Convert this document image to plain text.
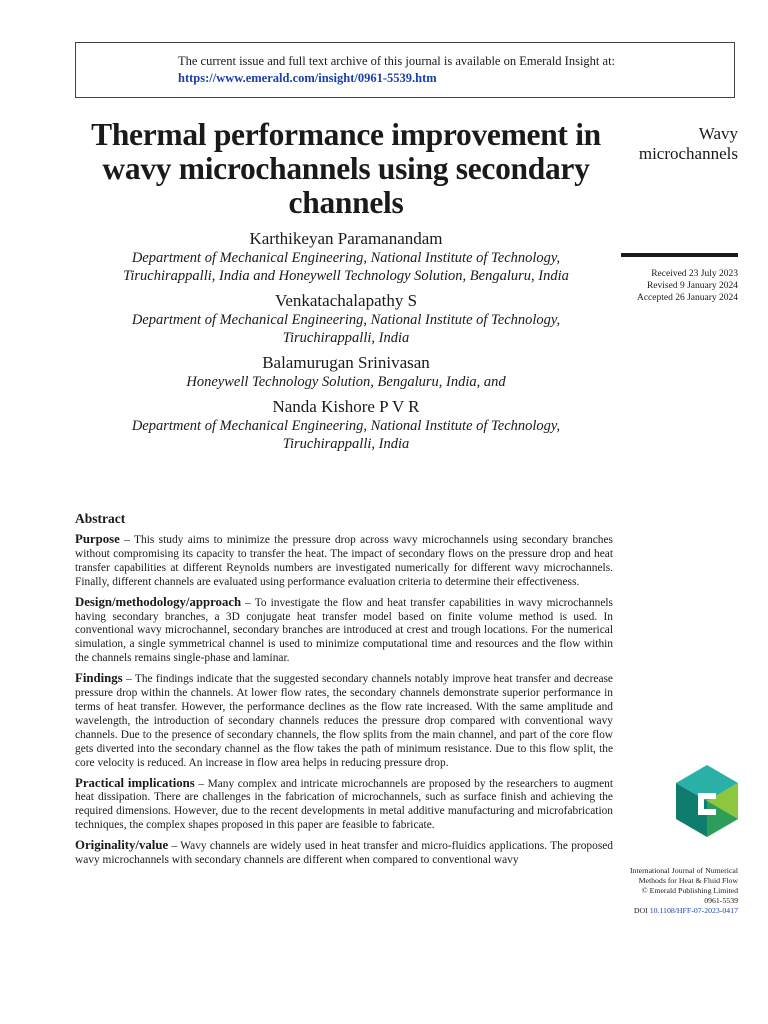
The current issue and full text archive of this journal is available on Emerald Insight at:
https://www.emerald.com/insight/0961-5539.htm
Thermal performance improvement in wavy microchannels using secondary channels
Wavy
microchannels
Received 23 July 2023
Revised 9 January 2024
Accepted 26 January 2024
Karthikeyan Paramanandam
Department of Mechanical Engineering, National Institute of Technology,
Tiruchirappalli, India and Honeywell Technology Solution, Bengaluru, India
Venkatachalapathy S
Department of Mechanical Engineering, National Institute of Technology,
Tiruchirappalli, India
Balamurugan Srinivasan
Honeywell Technology Solution, Bengaluru, India, and
Nanda Kishore P V R
Department of Mechanical Engineering, National Institute of Technology,
Tiruchirappalli, India
Abstract

Purpose – This study aims to minimize the pressure drop across wavy microchannels using secondary branches without compromising its capacity to transfer the heat. The impact of secondary flows on the pressure drop and heat transfer capabilities at different Reynolds numbers are investigated numerically for different wavy microchannels. Finally, different channels are evaluated using performance evaluation criteria to determine their effectiveness.

Design/methodology/approach – To investigate the flow and heat transfer capabilities in wavy microchannels having secondary branches, a 3D conjugate heat transfer model based on finite volume method is used. In conventional wavy microchannel, secondary branches are introduced at crest and trough locations. For the numerical simulation, a single symmetrical channel is used to minimize computational time and resources and the flow within the channels remains single-phase and laminar.

Findings – The findings indicate that the suggested secondary channels notably improve heat transfer and decrease pressure drop within the channels. At lower flow rates, the secondary channels demonstrate superior performance in terms of heat transfer. However, the performance declines as the flow rate increased. With the same amplitude and wavelength, the introduction of secondary channels reduces the pressure drop compared with conventional wavy channels. Due to the presence of secondary channels, the flow splits from the main channel, and part of the core flow gets diverted into the secondary channel as the flow takes the path of minimum resistance. Due to this flow split, the core velocity is reduced. An increase in flow area helps in reducing pressure drop.

Practical implications – Many complex and intricate microchannels are proposed by the researchers to augment heat dissipation. There are challenges in the fabrication of microchannels, such as surface finish and achieving the required dimensions. However, due to the recent developments in metal additive manufacturing and microfabrication techniques, the complex shapes proposed in this paper are feasible to fabricate.

Originality/value – Wavy channels are widely used in heat transfer and micro-fluidics applications. The proposed wavy microchannels with secondary channels are different when compared to conventional wavy

International Journal of Numerical
Methods for Heat & Fluid Flow
© Emerald Publishing Limited
0961-5539
DOI 10.1108/HFF-07-2023-0417
